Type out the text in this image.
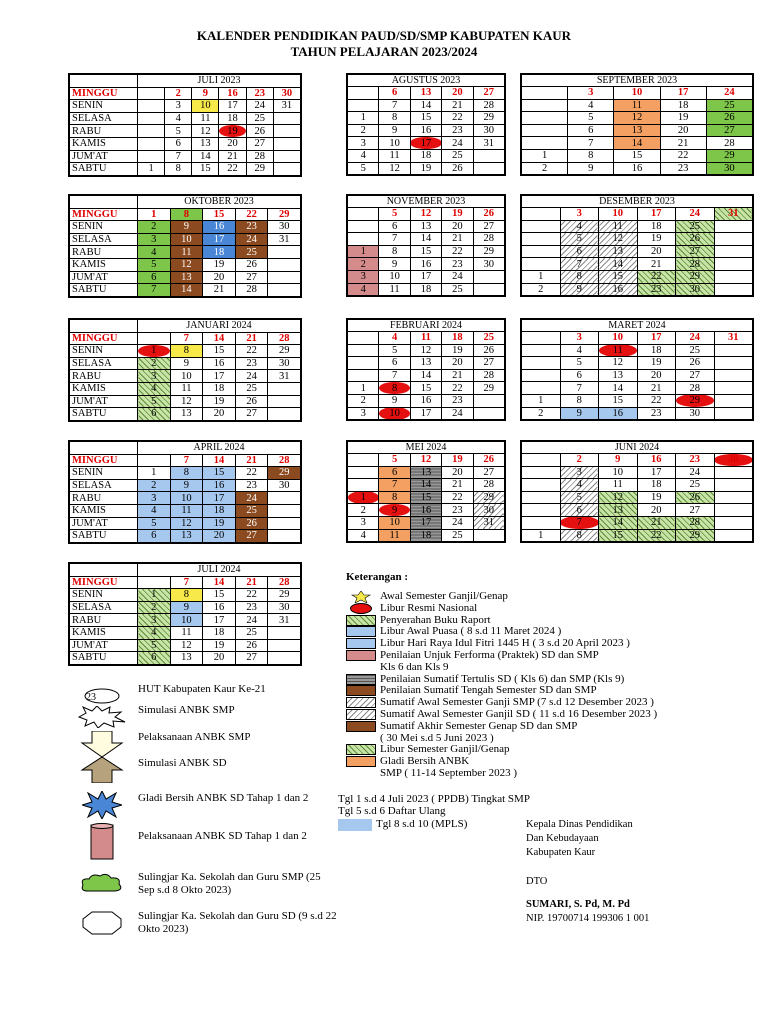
KALENDER PENDIDIKAN PAUD/SD/SMP KABUPATEN KAUR
TAHUN PELAJARAN 2023/2024
	JULI 2023					
MINGGU		2	9	16	23	30
SENIN		3	10	17	24	31
SELASA		4	11	18	25	
RABU		5	12	19	26	
KAMIS		6	13	20	27	
JUM'AT		7	14	21	28	
SABTU	1	8	15	22	29	
AGUSTUS 2023				
	6	13	20	27
	7	14	21	28
1	8	15	22	29
2	9	16	23	30
3	10	17	24	31
4	11	18	25	
5	12	19	26	
SEPTEMBER 2023				
	3	10	17	24
	4	11	18	25
	5	12	19	26
	6	13	20	27
	7	14	21	28
1	8	15	22	29
2	9	16	23	30
	OKTOBER 2023				
MINGGU	1	8	15	22	29
SENIN	2	9	16	23	30
SELASA	3	10	17	24	31
RABU	4	11	18	25	
KAMIS	5	12	19	26	
JUM'AT	6	13	20	27	
SABTU	7	14	21	28	
NOVEMBER 2023				
	5	12	19	26
	6	13	20	27
	7	14	21	28
1	8	15	22	29
2	9	16	23	30
3	10	17	24	
4	11	18	25	
DESEMBER 2023					
	3	10	17	24	31
	4	11	18	25	
	5	12	19	26	
	6	13	20	27	
	7	14	21	28	
1	8	15	22	29	
2	9	16	23	30	
	JANUARI 2024				
MINGGU		7	14	21	28
SENIN	1	8	15	22	29
SELASA	2	9	16	23	30
RABU	3	10	17	24	31
KAMIS	4	11	18	25	
JUM'AT	5	12	19	26	
SABTU	6	13	20	27	
FEBRUARI 2024				
	4	11	18	25
	5	12	19	26
	6	13	20	27
	7	14	21	28
1	8	15	22	29
2	9	16	23	
3	10	17	24	
MARET 2024					
	3	10	17	24	31
	4	11	18	25	
	5	12	19	26	
	6	13	20	27	
	7	14	21	28	
1	8	15	22	29	
2	9	16	23	30	
	APRIL 2024				
MINGGU		7	14	21	28
SENIN	1	8	15	22	29
SELASA	2	9	16	23	30
RABU	3	10	17	24	
KAMIS	4	11	18	25	
JUM'AT	5	12	19	26	
SABTU	6	13	20	27	
MEI 2024				
	5	12	19	26
	6	13	20	27
	7	14	21	28
1	8	15	22	29
2	9	16	23	30
3	10	17	24	31
4	11	18	25	
JUNI 2024					
	2	9	16	23	30
	3	10	17	24	
	4	11	18	25	
	5	12	19	26	
	6	13	20	27	
	7	14	21	28	
1	8	15	22	29	
	JULI 2024				
MINGGU		7	14	21	28
SENIN	1	8	15	22	29
SELASA	2	9	16	23	30
RABU	3	10	17	24	31
KAMIS	4	11	18	25	
JUM'AT	5	12	19	26	
SABTU	6	13	20	27	
Keterangan :
Awal Semester Ganjil/Genap
Libur Resmi Nasional
Penyerahan Buku Raport
Libur Awal Puasa ( 8 s.d 11 Maret 2024 )
Libur Hari Raya Idul Fitri 1445 H ( 3 s.d 20 April 2023 )
Penilaian Unjuk Ferforma (Praktek) SD dan SMP
Kls 6 dan Kls 9
Penilaian Sumatif Tertulis SD ( Kls 6) dan SMP (Kls 9)
Penilaian Sumatif Tengah Semester SD dan SMP
Sumatif Awal Semester Ganji SMP (7 s.d 12 Desember 2023 )
Sumatif Awal Semester Ganjil SD ( 11 s.d 16 Desember 2023 )
Sumatif Akhir Semester Genap SD dan SMP
( 30 Mei s.d 5 Juni 2023 )
Libur Semester Ganjil/Genap
Gladi Bersih ANBK
SMP ( 11-14 September 2023 )
23
HUT Kabupaten Kaur Ke-21
Simulasi ANBK SMP
Pelaksanaan ANBK SMP
Simulasi ANBK SD
Gladi Bersih ANBK SD Tahap 1 dan 2
Pelaksanaan ANBK SD Tahap 1 dan 2
Sulingjar Ka. Sekolah dan Guru SMP (25 Sep s.d 8 Okto 2023)
Sulingjar Ka. Sekolah dan Guru SD (9 s.d 22 Okto 2023)
Tgl 1 s.d 4 Juli 2023 ( PPDB) Tingkat SMP
Tgl 5 s.d 6 Daftar Ulang
Tgl 8 s.d 10 (MPLS)	Kepala Dinas Pendidikan
Dan Kebudayaan
Kabupaten Kaur
DTO
SUMARI, S. Pd, M. Pd
NIP. 19700714 199306 1 001
